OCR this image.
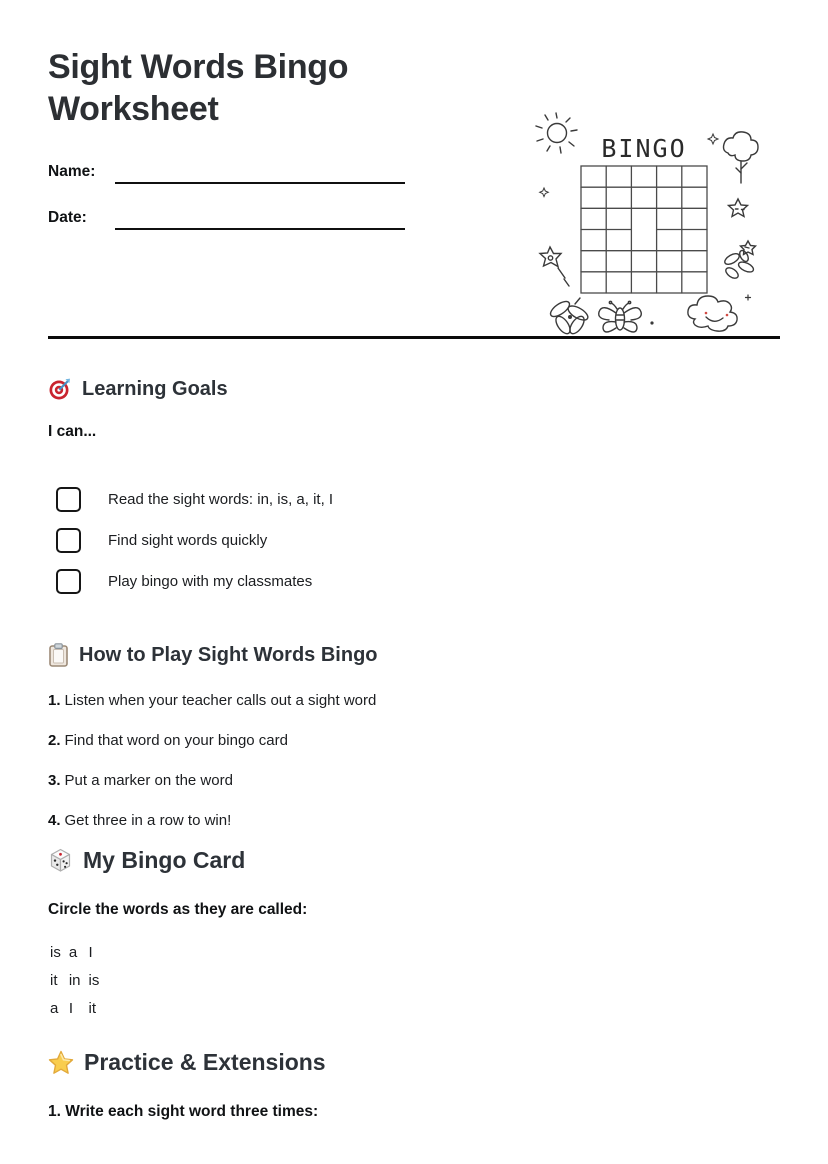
Sight Words Bingo Worksheet
Name:
Date:
Learning Goals
I can...
Read the sight words: in, is, a, it, I
Find sight words quickly
Play bingo with my classmates
How to Play Sight Words Bingo
1. Listen when your teacher calls out a sight word
2. Find that word on your bingo card
3. Put a marker on the word
4. Get three in a row to win!
My Bingo Card
Circle the words as they are called:
is a I
it in is
a I it
Practice & Extensions
1. Write each sight word three times:
BINGO
